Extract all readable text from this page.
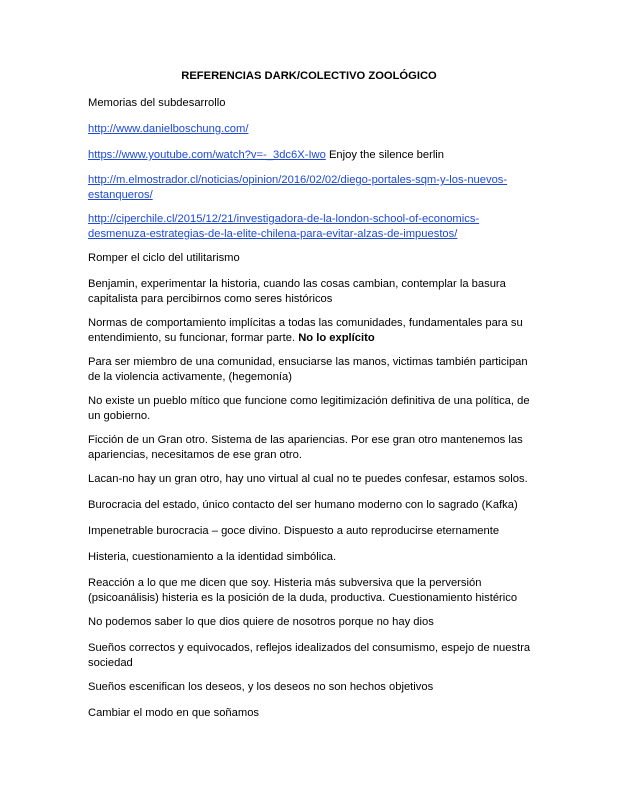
REFERENCIAS DARK/COLECTIVO ZOOLÓGICO

Memorias del subdesarrollo

http://www.danielboschung.com/

https://www.youtube.com/watch?v=-_3dc6X-Iwo Enjoy the silence berlin

http://m.elmostrador.cl/noticias/opinion/2016/02/02/diego-portales-sqm-y-los-nuevos-
estanqueros/

http://ciperchile.cl/2015/12/21/investigadora-de-la-london-school-of-economics-
desmenuza-estrategias-de-la-elite-chilena-para-evitar-alzas-de-impuestos/

Romper el ciclo del utilitarismo

Benjamin, experimentar la historia, cuando las cosas cambian, contemplar la basura
capitalista para percibirnos como seres históricos

Normas de comportamiento implícitas a todas las comunidades, fundamentales para su
entendimiento, su funcionar, formar parte. No lo explícito

Para ser miembro de una comunidad, ensuciarse las manos, victimas también participan
de la violencia activamente, (hegemonía)

No existe un pueblo mítico que funcione como legitimización definitiva de una política, de
un gobierno.

Ficción de un Gran otro. Sistema de las apariencias. Por ese gran otro mantenemos las
apariencias, necesitamos de ese gran otro.

Lacan-no hay un gran otro, hay uno virtual al cual no te puedes confesar, estamos solos.

Burocracia del estado, único contacto del ser humano moderno con lo sagrado (Kafka)

Impenetrable burocracia – goce divino. Dispuesto a auto reproducirse eternamente

Histeria, cuestionamiento a la identidad simbólica.

Reacción a lo que me dicen que soy. Histeria más subversiva que la perversión
(psicoanálisis) histeria es la posición de la duda, productiva. Cuestionamiento histérico

No podemos saber lo que dios quiere de nosotros porque no hay dios

Sueños correctos y equivocados, reflejos idealizados del consumismo, espejo de nuestra
sociedad

Sueños escenifican los deseos, y los deseos no son hechos objetivos

Cambiar el modo en que soñamos
